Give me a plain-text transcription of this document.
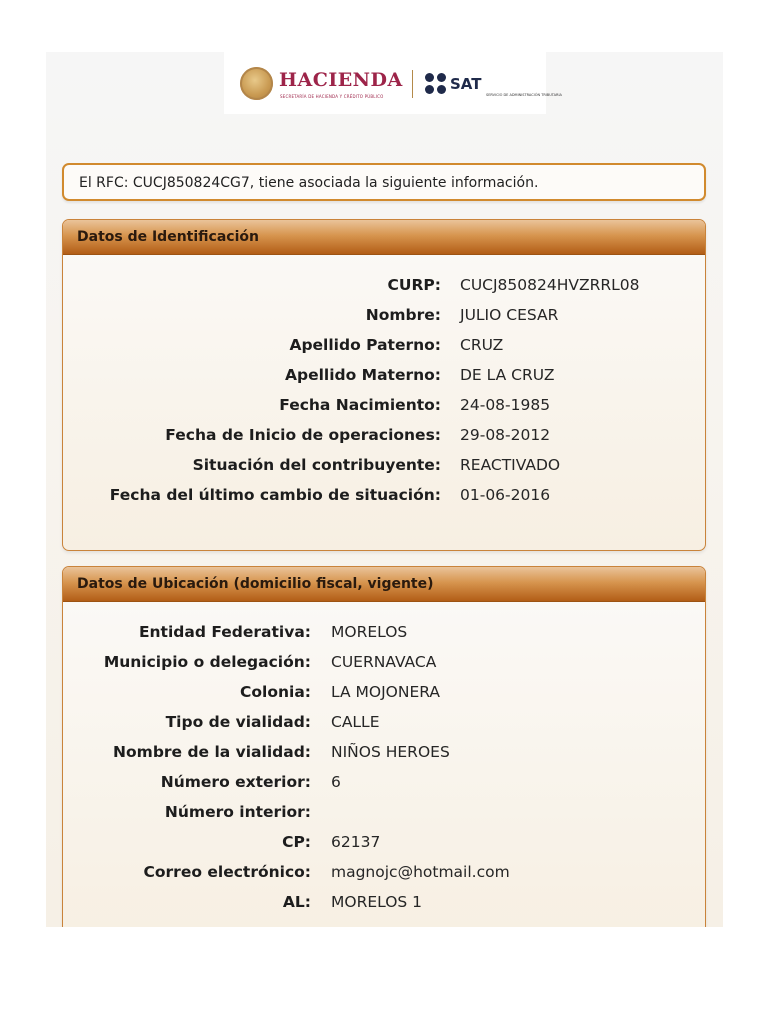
HACIENDA
SECRETARÍA DE HACIENDA Y CRÉDITO PÚBLICO
SAT
SERVICIO DE ADMINISTRACIÓN TRIBUTARIA
El RFC: CUCJ850824CG7, tiene asociada la siguiente información.
Datos de Identificación
CURP: CUCJ850824HVZRRL08
Nombre: JULIO CESAR
Apellido Paterno: CRUZ
Apellido Materno: DE LA CRUZ
Fecha Nacimiento: 24-08-1985
Fecha de Inicio de operaciones: 29-08-2012
Situación del contribuyente: REACTIVADO
Fecha del último cambio de situación: 01-06-2016
Datos de Ubicación (domicilio fiscal, vigente)
Entidad Federativa: MORELOS
Municipio o delegación: CUERNAVACA
Colonia: LA MOJONERA
Tipo de vialidad: CALLE
Nombre de la vialidad: NIÑOS HEROES
Número exterior: 6
Número interior:
CP: 62137
Correo electrónico: magnojc@hotmail.com
AL: MORELOS 1
